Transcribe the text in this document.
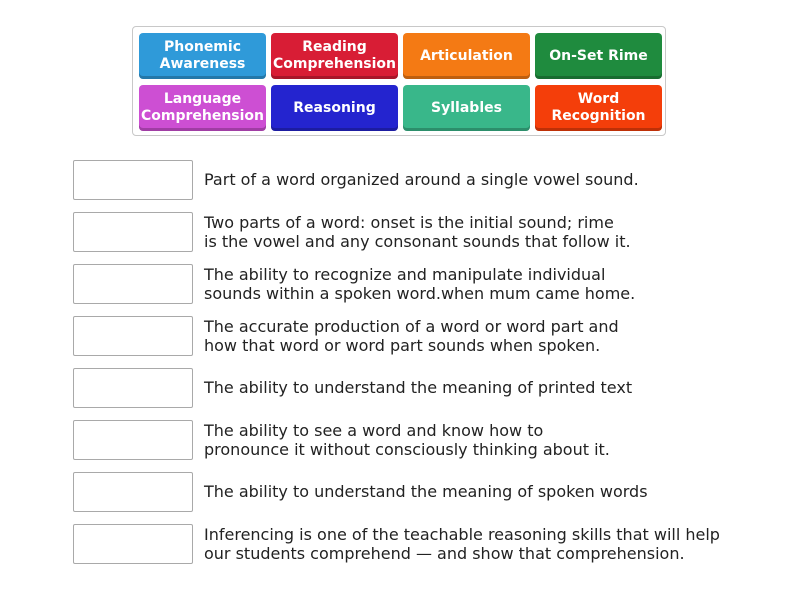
Phonemic
Awareness
Reading
Comprehension
Articulation	On-Set Rime
Language
Comprehension
Reasoning	Syllables
Word
Recognition
Part of a word organized around a single vowel sound.
Two parts of a word: onset is the initial sound; rime
is the vowel and any consonant sounds that follow it.
The ability to recognize and manipulate individual
sounds within a spoken word.when mum came home.
The accurate production of a word or word part and
how that word or word part sounds when spoken.
The ability to understand the meaning of printed text
The ability to see a word and know how to
pronounce it without consciously thinking about it.
The ability to understand the meaning of spoken words
Inferencing is one of the teachable reasoning skills that will help
our students comprehend — and show that comprehension.
